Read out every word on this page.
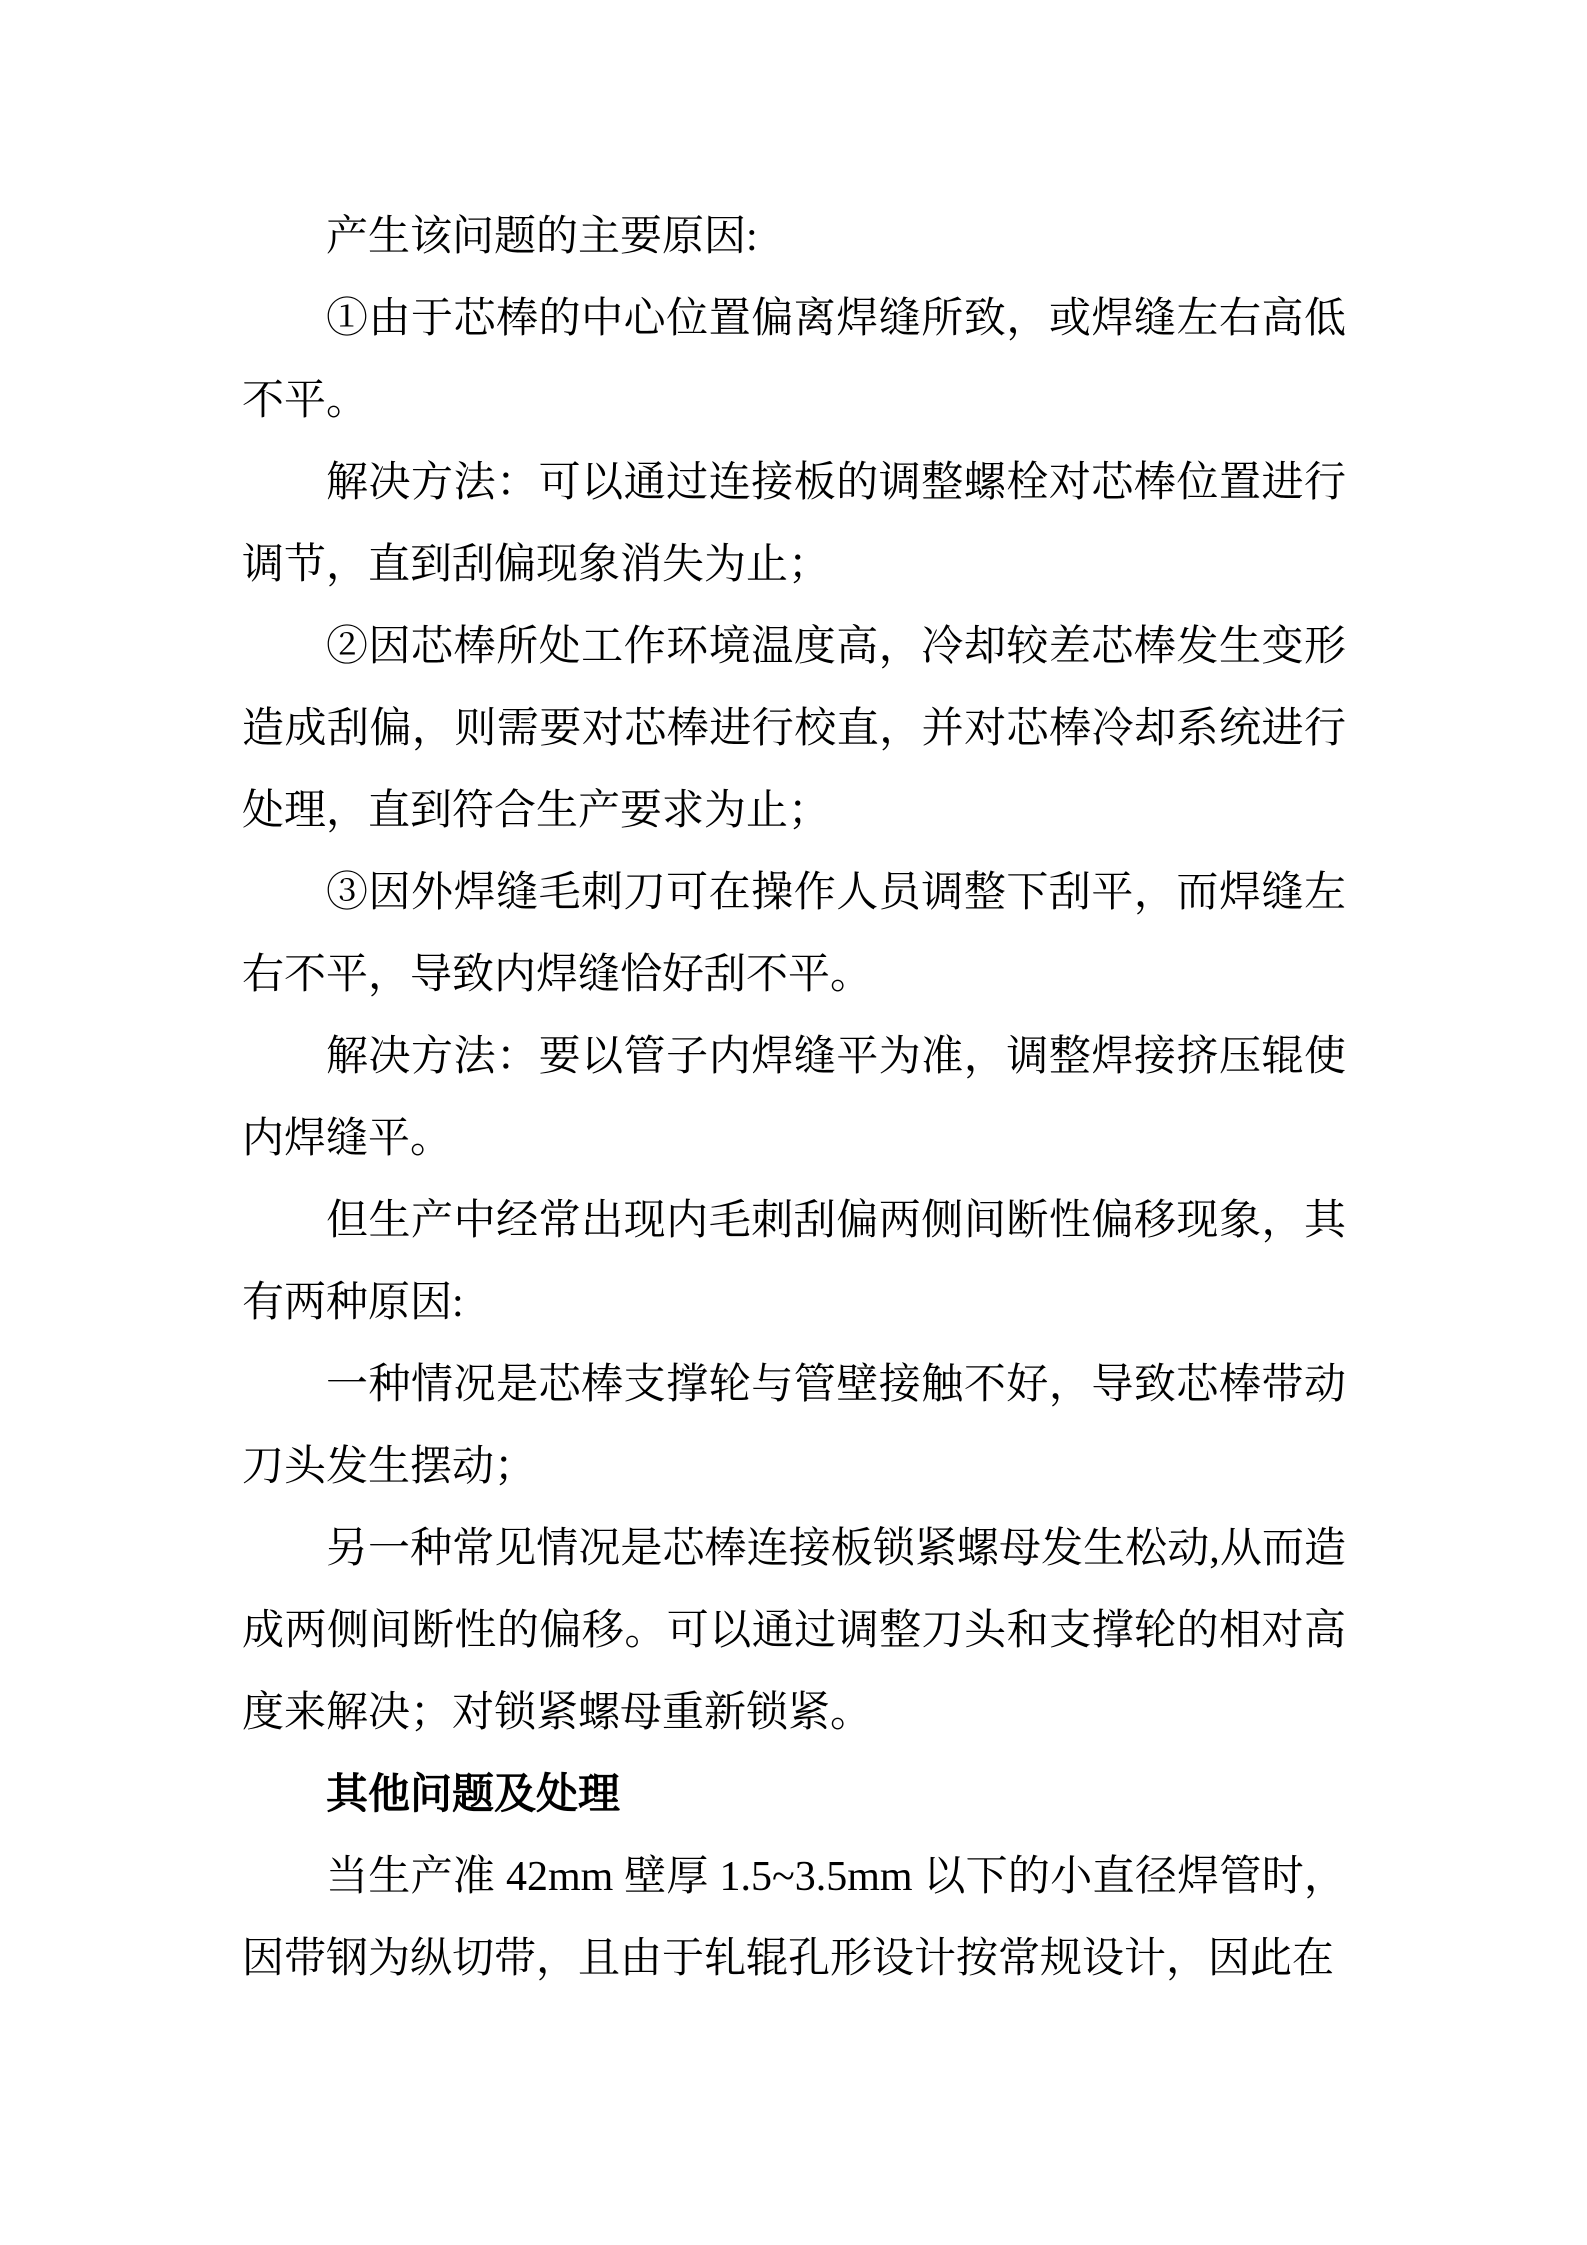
产生该问题的主要原因:

①由于芯棒的中心位置偏离焊缝所致，或焊缝左右高低不平。

解决方法：可以通过连接板的调整螺栓对芯棒位置进行调节，直到刮偏现象消失为止；

②因芯棒所处工作环境温度高，冷却较差芯棒发生变形造成刮偏，则需要对芯棒进行校直，并对芯棒冷却系统进行处理，直到符合生产要求为止；

③因外焊缝毛刺刀可在操作人员调整下刮平，而焊缝左右不平，导致内焊缝恰好刮不平。

解决方法：要以管子内焊缝平为准，调整焊接挤压辊使内焊缝平。

但生产中经常出现内毛刺刮偏两侧间断性偏移现象，其有两种原因:

一种情况是芯棒支撑轮与管壁接触不好，导致芯棒带动刀头发生摆动；

另一种常见情况是芯棒连接板锁紧螺母发生松动,从而造成两侧间断性的偏移。可以通过调整刀头和支撑轮的相对高度来解决；对锁紧螺母重新锁紧。

其他问题及处理

当生产准 42mm 壁厚 1.5~3.5mm 以下的小直径焊管时，因带钢为纵切带，且由于轧辊孔形设计按常规设计，因此在
